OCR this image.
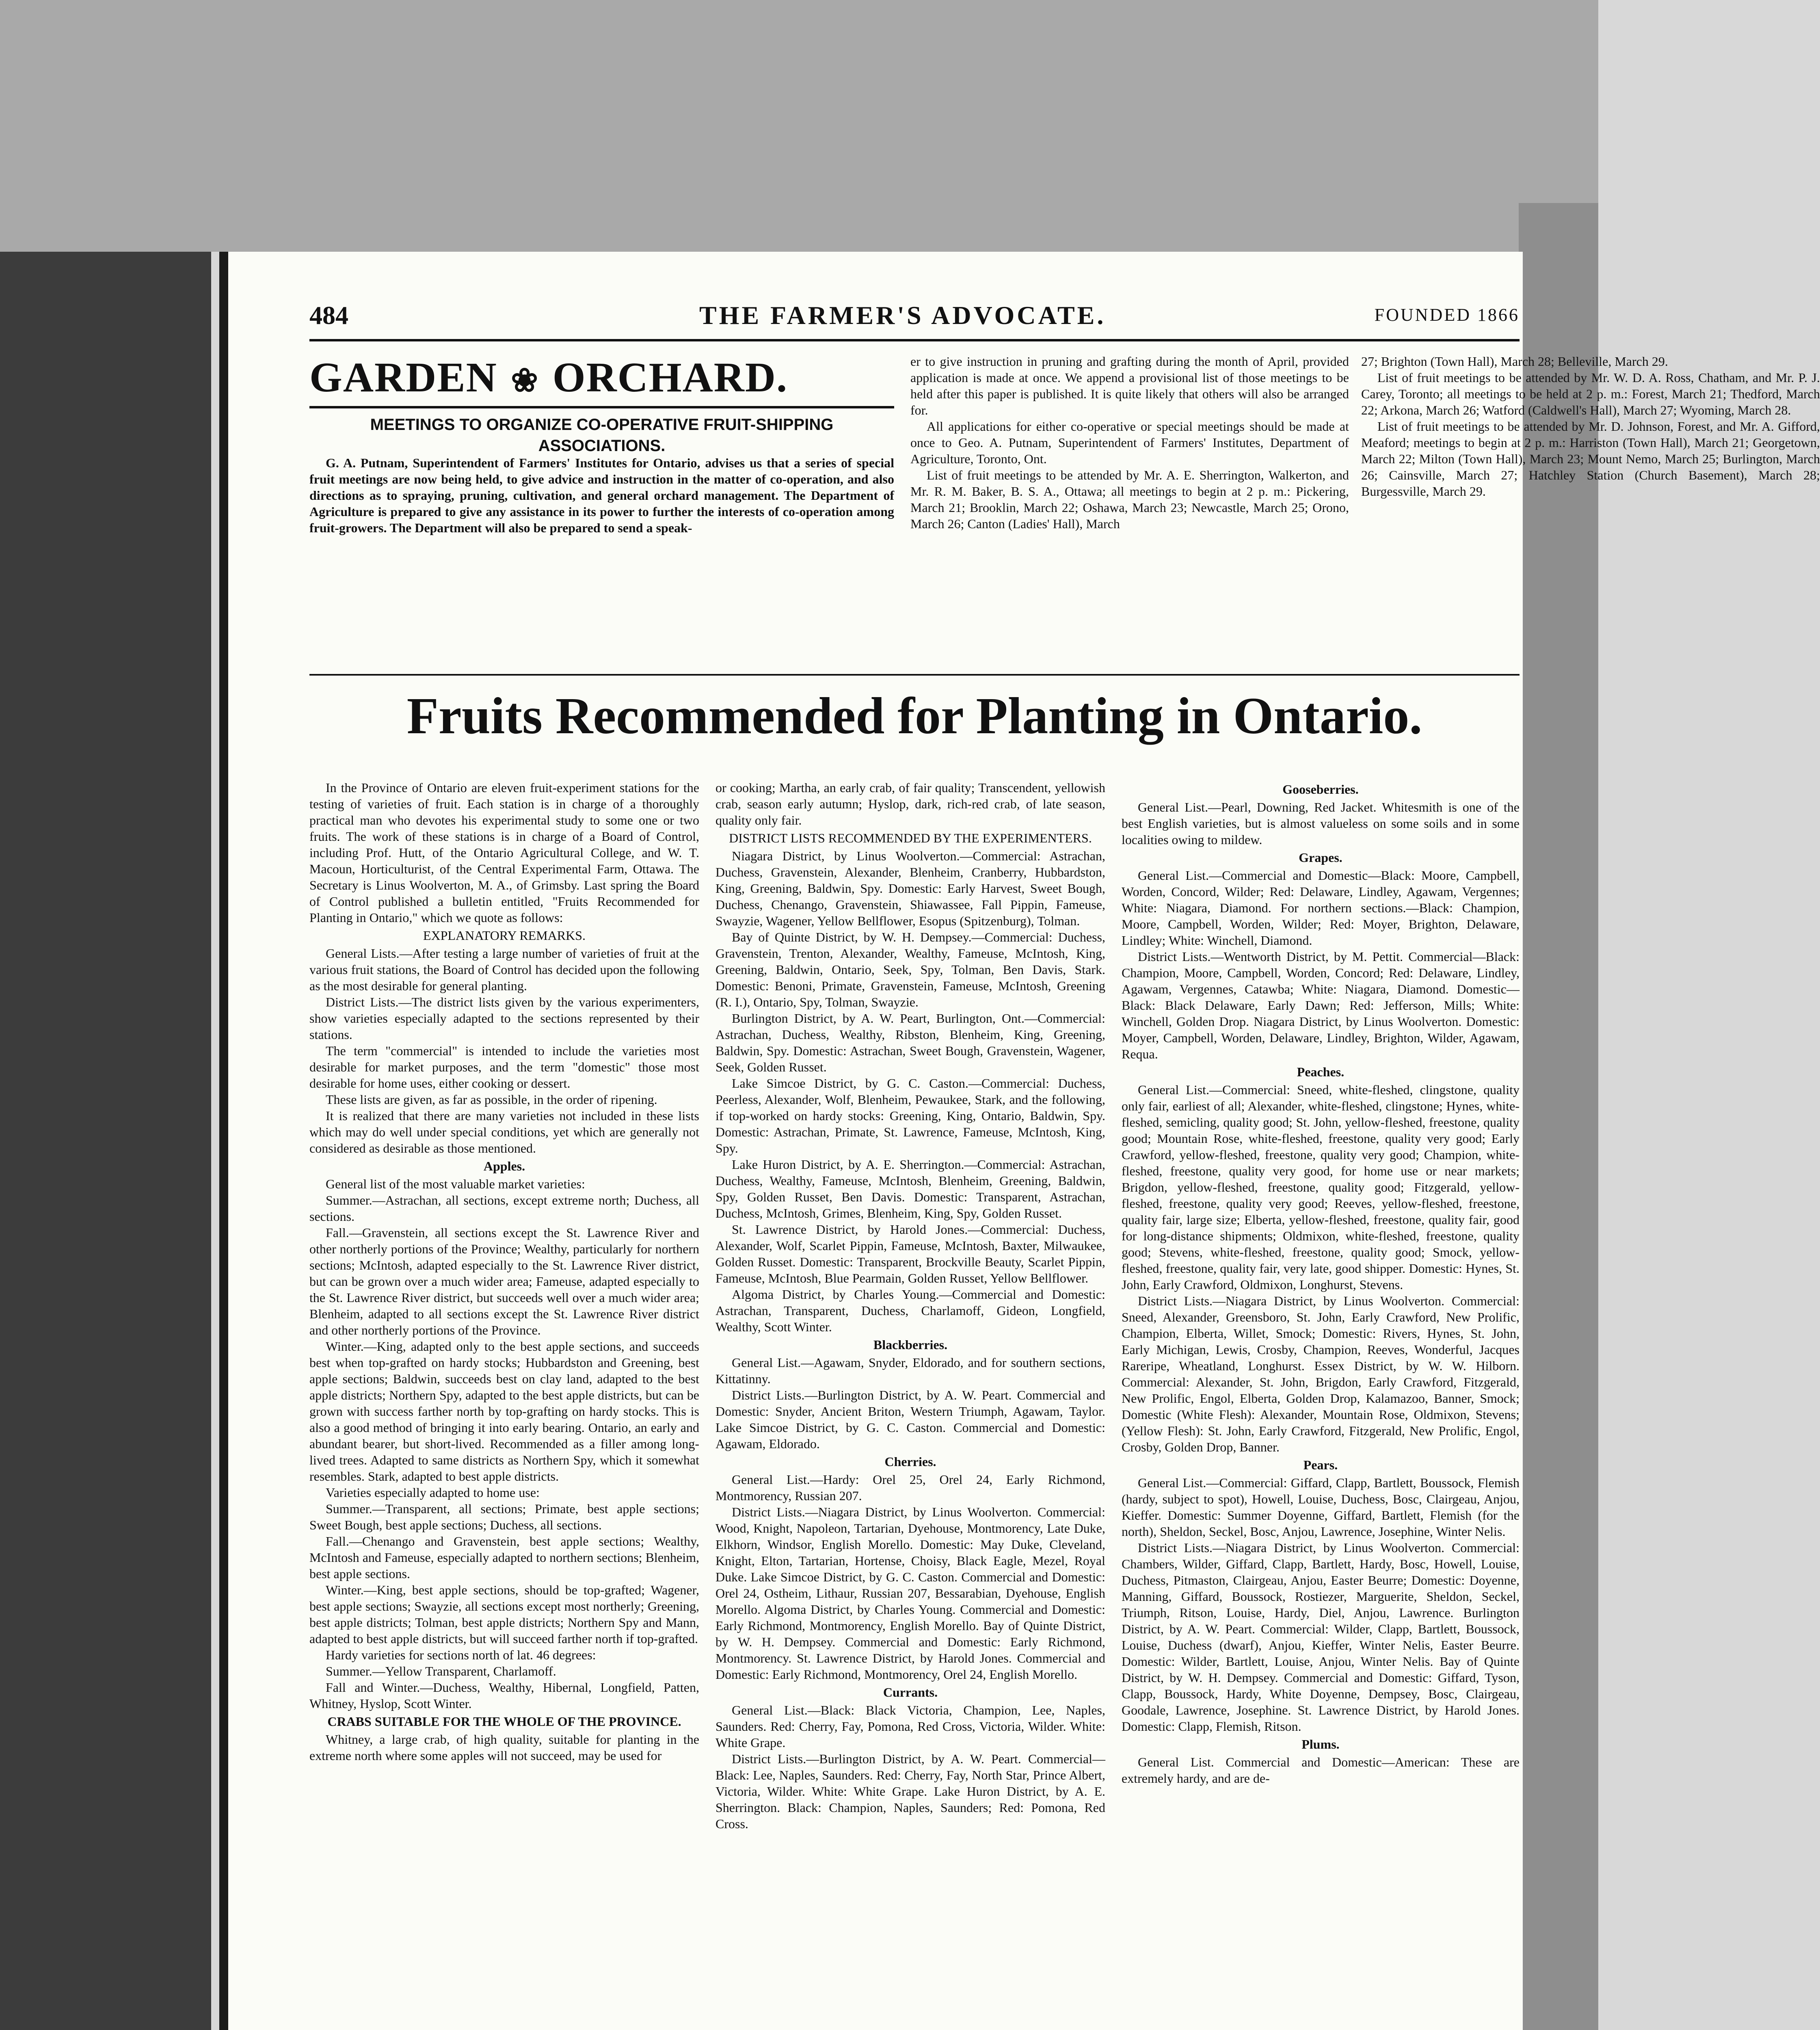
484	THE FARMER'S ADVOCATE.	FOUNDED 1866
GARDEN ❀ ORCHARD.
MEETINGS TO ORGANIZE CO-OPERATIVE FRUIT-SHIPPING ASSOCIATIONS.

G. A. Putnam, Superintendent of Farmers' Institutes for Ontario, advises us that a series of special fruit meetings are now being held, to give advice and instruction in the matter of co-operation, and also directions as to spraying, pruning, cultivation, and general orchard management. The Department of Agriculture is prepared to give any assistance in its power to further the interests of co-operation among fruit-growers. The Department will also be prepared to send a speak-

er to give instruction in pruning and grafting during the month of April, provided application is made at once. We append a provisional list of those meetings to be held after this paper is published. It is quite likely that others will also be arranged for.

All applications for either co-operative or special meetings should be made at once to Geo. A. Putnam, Superintendent of Farmers' Institutes, Department of Agriculture, Toronto, Ont.

List of fruit meetings to be attended by Mr. A. E. Sherrington, Walkerton, and Mr. R. M. Baker, B. S. A., Ottawa; all meetings to begin at 2 p. m.: Pickering, March 21; Brooklin, March 22; Oshawa, March 23; Newcastle, March 25; Orono, March 26; Canton (Ladies' Hall), March

27; Brighton (Town Hall), March 28; Belleville, March 29.

List of fruit meetings to be attended by Mr. W. D. A. Ross, Chatham, and Mr. P. J. Carey, Toronto; all meetings to be held at 2 p. m.: Forest, March 21; Thedford, March 22; Arkona, March 26; Watford (Caldwell's Hall), March 27; Wyoming, March 28.

List of fruit meetings to be attended by Mr. D. Johnson, Forest, and Mr. A. Gifford, Meaford; meetings to begin at 2 p. m.: Harriston (Town Hall), March 21; Georgetown, March 22; Milton (Town Hall), March 23; Mount Nemo, March 25; Burlington, March 26; Cainsville, March 27; Hatchley Station (Church Basement), March 28; Burgessville, March 29.

Fruits Recommended for Planting in Ontario.

In the Province of Ontario are eleven fruit-experiment stations for the testing of varieties of fruit. Each station is in charge of a thoroughly practical man who devotes his experimental study to some one or two fruits. The work of these stations is in charge of a Board of Control, including Prof. Hutt, of the Ontario Agricultural College, and W. T. Macoun, Horticulturist, of the Central Experimental Farm, Ottawa. The Secretary is Linus Woolverton, M. A., of Grimsby. Last spring the Board of Control published a bulletin entitled, "Fruits Recommended for Planting in Ontario," which we quote as follows:

EXPLANATORY REMARKS.

General Lists.—After testing a large number of varieties of fruit at the various fruit stations, the Board of Control has decided upon the following as the most desirable for general planting.

District Lists.—The district lists given by the various experimenters, show varieties especially adapted to the sections represented by their stations.

The term "commercial" is intended to include the varieties most desirable for market purposes, and the term "domestic" those most desirable for home uses, either cooking or dessert.

These lists are given, as far as possible, in the order of ripening.

It is realized that there are many varieties not included in these lists which may do well under special conditions, yet which are generally not considered as desirable as those mentioned.

Apples.

General list of the most valuable market varieties:

Summer.—Astrachan, all sections, except extreme north; Duchess, all sections.

Fall.—Gravenstein, all sections except the St. Lawrence River and other northerly portions of the Province; Wealthy, particularly for northern sections; McIntosh, adapted especially to the St. Lawrence River district, but can be grown over a much wider area; Fameuse, adapted especially to the St. Lawrence River district, but succeeds well over a much wider area; Blenheim, adapted to all sections except the St. Lawrence River district and other northerly portions of the Province.

Winter.—King, adapted only to the best apple sections, and succeeds best when top-grafted on hardy stocks; Hubbardston and Greening, best apple sections; Baldwin, succeeds best on clay land, adapted to the best apple districts; Northern Spy, adapted to the best apple districts, but can be grown with success farther north by top-grafting on hardy stocks. This is also a good method of bringing it into early bearing. Ontario, an early and abundant bearer, but short-lived. Recommended as a filler among long-lived trees. Adapted to same districts as Northern Spy, which it somewhat resembles. Stark, adapted to best apple districts.

Varieties especially adapted to home use:

Summer.—Transparent, all sections; Primate, best apple sections; Sweet Bough, best apple sections; Duchess, all sections.

Fall.—Chenango and Gravenstein, best apple sections; Wealthy, McIntosh and Fameuse, especially adapted to northern sections; Blenheim, best apple sections.

Winter.—King, best apple sections, should be top-grafted; Wagener, best apple sections; Swayzie, all sections except most northerly; Greening, best apple districts; Tolman, best apple districts; Northern Spy and Mann, adapted to best apple districts, but will succeed farther north if top-grafted.

Hardy varieties for sections north of lat. 46 degrees:

Summer.—Yellow Transparent, Charlamoff.

Fall and Winter.—Duchess, Wealthy, Hibernal, Longfield, Patten, Whitney, Hyslop, Scott Winter.

CRABS SUITABLE FOR THE WHOLE OF THE PROVINCE.

Whitney, a large crab, of high quality, suitable for planting in the extreme north where some apples will not succeed, may be used for

or cooking; Martha, an early crab, of fair quality; Transcendent, yellowish crab, season early autumn; Hyslop, dark, rich-red crab, of late season, quality only fair.

DISTRICT LISTS RECOMMENDED BY THE EXPERIMENTERS.

Niagara District, by Linus Woolverton.—Commercial: Astrachan, Duchess, Gravenstein, Alexander, Blenheim, Cranberry, Hubbardston, King, Greening, Baldwin, Spy. Domestic: Early Harvest, Sweet Bough, Duchess, Chenango, Gravenstein, Shiawassee, Fall Pippin, Fameuse, Swayzie, Wagener, Yellow Bellflower, Esopus (Spitzenburg), Tolman.

Bay of Quinte District, by W. H. Dempsey.—Commercial: Duchess, Gravenstein, Trenton, Alexander, Wealthy, Fameuse, McIntosh, King, Greening, Baldwin, Ontario, Seek, Spy, Tolman, Ben Davis, Stark. Domestic: Benoni, Primate, Gravenstein, Fameuse, McIntosh, Greening (R. I.), Ontario, Spy, Tolman, Swayzie.

Burlington District, by A. W. Peart, Burlington, Ont.—Commercial: Astrachan, Duchess, Wealthy, Ribston, Blenheim, King, Greening, Baldwin, Spy. Domestic: Astrachan, Sweet Bough, Gravenstein, Wagener, Seek, Golden Russet.

Lake Simcoe District, by G. C. Caston.—Commercial: Duchess, Peerless, Alexander, Wolf, Blenheim, Pewaukee, Stark, and the following, if top-worked on hardy stocks: Greening, King, Ontario, Baldwin, Spy. Domestic: Astrachan, Primate, St. Lawrence, Fameuse, McIntosh, King, Spy.

Lake Huron District, by A. E. Sherrington.—Commercial: Astrachan, Duchess, Wealthy, Fameuse, McIntosh, Blenheim, Greening, Baldwin, Spy, Golden Russet, Ben Davis. Domestic: Transparent, Astrachan, Duchess, McIntosh, Grimes, Blenheim, King, Spy, Golden Russet.

St. Lawrence District, by Harold Jones.—Commercial: Duchess, Alexander, Wolf, Scarlet Pippin, Fameuse, McIntosh, Baxter, Milwaukee, Golden Russet. Domestic: Transparent, Brockville Beauty, Scarlet Pippin, Fameuse, McIntosh, Blue Pearmain, Golden Russet, Yellow Bellflower.

Algoma District, by Charles Young.—Commercial and Domestic: Astrachan, Transparent, Duchess, Charlamoff, Gideon, Longfield, Wealthy, Scott Winter.

Blackberries.

General List.—Agawam, Snyder, Eldorado, and for southern sections, Kittatinny.

District Lists.—Burlington District, by A. W. Peart. Commercial and Domestic: Snyder, Ancient Briton, Western Triumph, Agawam, Taylor. Lake Simcoe District, by G. C. Caston. Commercial and Domestic: Agawam, Eldorado.

Cherries.

General List.—Hardy: Orel 25, Orel 24, Early Richmond, Montmorency, Russian 207.

District Lists.—Niagara District, by Linus Woolverton. Commercial: Wood, Knight, Napoleon, Tartarian, Dyehouse, Montmorency, Late Duke, Elkhorn, Windsor, English Morello. Domestic: May Duke, Cleveland, Knight, Elton, Tartarian, Hortense, Choisy, Black Eagle, Mezel, Royal Duke. Lake Simcoe District, by G. C. Caston. Commercial and Domestic: Orel 24, Ostheim, Lithaur, Russian 207, Bessarabian, Dyehouse, English Morello. Algoma District, by Charles Young. Commercial and Domestic: Early Richmond, Montmorency, English Morello. Bay of Quinte District, by W. H. Dempsey. Commercial and Domestic: Early Richmond, Montmorency. St. Lawrence District, by Harold Jones. Commercial and Domestic: Early Richmond, Montmorency, Orel 24, English Morello.

Currants.

General List.—Black: Black Victoria, Champion, Lee, Naples, Saunders. Red: Cherry, Fay, Pomona, Red Cross, Victoria, Wilder. White: White Grape.

District Lists.—Burlington District, by A. W. Peart. Commercial—Black: Lee, Naples, Saunders. Red: Cherry, Fay, North Star, Prince Albert, Victoria, Wilder. White: White Grape. Lake Huron District, by A. E. Sherrington. Black: Champion, Naples, Saunders; Red: Pomona, Red Cross.

Gooseberries.

General List.—Pearl, Downing, Red Jacket. Whitesmith is one of the best English varieties, but is almost valueless on some soils and in some localities owing to mildew.

Grapes.

General List.—Commercial and Domestic—Black: Moore, Campbell, Worden, Concord, Wilder; Red: Delaware, Lindley, Agawam, Vergennes; White: Niagara, Diamond. For northern sections.—Black: Champion, Moore, Campbell, Worden, Wilder; Red: Moyer, Brighton, Delaware, Lindley; White: Winchell, Diamond.

District Lists.—Wentworth District, by M. Pettit. Commercial—Black: Champion, Moore, Campbell, Worden, Concord; Red: Delaware, Lindley, Agawam, Vergennes, Catawba; White: Niagara, Diamond. Domestic—Black: Black Delaware, Early Dawn; Red: Jefferson, Mills; White: Winchell, Golden Drop. Niagara District, by Linus Woolverton. Domestic: Moyer, Campbell, Worden, Delaware, Lindley, Brighton, Wilder, Agawam, Requa.

Peaches.

General List.—Commercial: Sneed, white-fleshed, clingstone, quality only fair, earliest of all; Alexander, white-fleshed, clingstone; Hynes, white-fleshed, semicling, quality good; St. John, yellow-fleshed, freestone, quality good; Mountain Rose, white-fleshed, freestone, quality very good; Early Crawford, yellow-fleshed, freestone, quality very good; Champion, white-fleshed, freestone, quality very good, for home use or near markets; Brigdon, yellow-fleshed, freestone, quality good; Fitzgerald, yellow-fleshed, freestone, quality very good; Reeves, yellow-fleshed, freestone, quality fair, large size; Elberta, yellow-fleshed, freestone, quality fair, good for long-distance shipments; Oldmixon, white-fleshed, freestone, quality good; Stevens, white-fleshed, freestone, quality good; Smock, yellow-fleshed, freestone, quality fair, very late, good shipper. Domestic: Hynes, St. John, Early Crawford, Oldmixon, Longhurst, Stevens.

District Lists.—Niagara District, by Linus Woolverton. Commercial: Sneed, Alexander, Greensboro, St. John, Early Crawford, New Prolific, Champion, Elberta, Willet, Smock; Domestic: Rivers, Hynes, St. John, Early Michigan, Lewis, Crosby, Champion, Reeves, Wonderful, Jacques Rareripe, Wheatland, Longhurst. Essex District, by W. W. Hilborn. Commercial: Alexander, St. John, Brigdon, Early Crawford, Fitzgerald, New Prolific, Engol, Elberta, Golden Drop, Kalamazoo, Banner, Smock; Domestic (White Flesh): Alexander, Mountain Rose, Oldmixon, Stevens; (Yellow Flesh): St. John, Early Crawford, Fitzgerald, New Prolific, Engol, Crosby, Golden Drop, Banner.

Pears.

General List.—Commercial: Giffard, Clapp, Bartlett, Boussock, Flemish (hardy, subject to spot), Howell, Louise, Duchess, Bosc, Clairgeau, Anjou, Kieffer. Domestic: Summer Doyenne, Giffard, Bartlett, Flemish (for the north), Sheldon, Seckel, Bosc, Anjou, Lawrence, Josephine, Winter Nelis.

District Lists.—Niagara District, by Linus Woolverton. Commercial: Chambers, Wilder, Giffard, Clapp, Bartlett, Hardy, Bosc, Howell, Louise, Duchess, Pitmaston, Clairgeau, Anjou, Easter Beurre; Domestic: Doyenne, Manning, Giffard, Boussock, Rostiezer, Marguerite, Sheldon, Seckel, Triumph, Ritson, Louise, Hardy, Diel, Anjou, Lawrence. Burlington District, by A. W. Peart. Commercial: Wilder, Clapp, Bartlett, Boussock, Louise, Duchess (dwarf), Anjou, Kieffer, Winter Nelis, Easter Beurre. Domestic: Wilder, Bartlett, Louise, Anjou, Winter Nelis. Bay of Quinte District, by W. H. Dempsey. Commercial and Domestic: Giffard, Tyson, Clapp, Boussock, Hardy, White Doyenne, Dempsey, Bosc, Clairgeau, Goodale, Lawrence, Josephine. St. Lawrence District, by Harold Jones. Domestic: Clapp, Flemish, Ritson.

Plums.

General List. Commercial and Domestic—American: These are extremely hardy, and are de-
